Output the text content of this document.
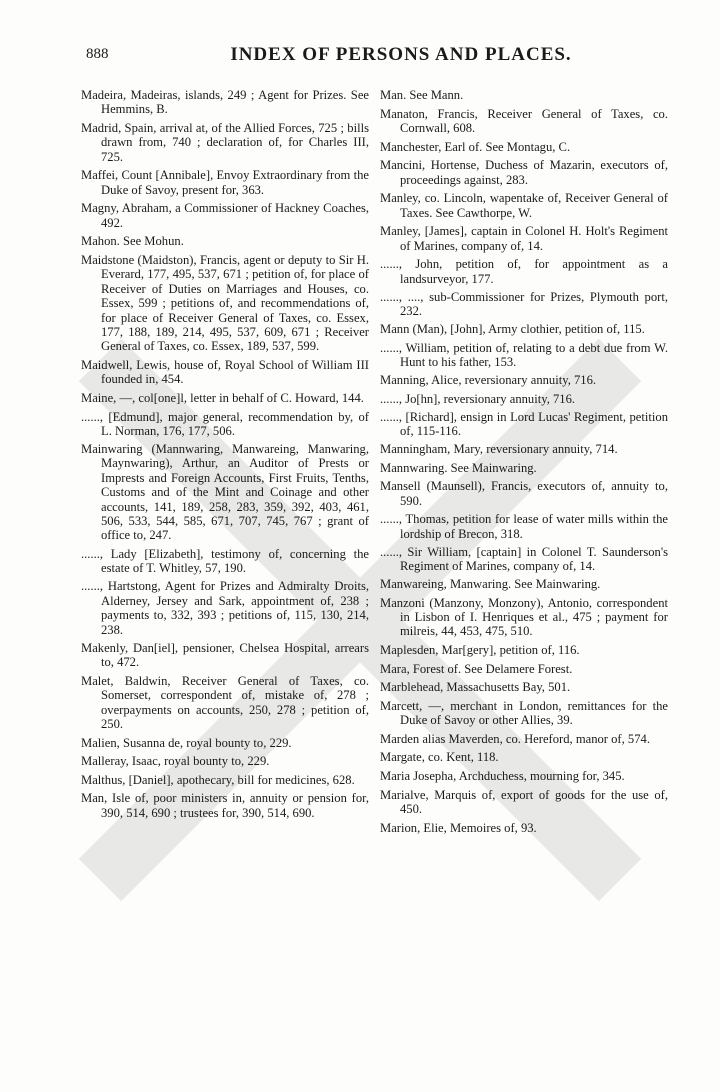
888	INDEX OF PERSONS AND PLACES.

Madeira, Madeiras, islands, 249 ; Agent for Prizes. See Hemmins, B.

Madrid, Spain, arrival at, of the Allied Forces, 725 ; bills drawn from, 740 ; declaration of, for Charles III, 725.

Maffei, Count [Annibale], Envoy Extraordinary from the Duke of Savoy, present for, 363.

Magny, Abraham, a Commissioner of Hackney Coaches, 492.

Mahon. See Mohun.

Maidstone (Maidston), Francis, agent or deputy to Sir H. Everard, 177, 495, 537, 671 ; petition of, for place of Receiver of Duties on Marriages and Houses, co. Essex, 599 ; petitions of, and recommendations of, for place of Receiver General of Taxes, co. Essex, 177, 188, 189, 214, 495, 537, 609, 671 ; Receiver General of Taxes, co. Essex, 189, 537, 599.

Maidwell, Lewis, house of, Royal School of William III founded in, 454.

Maine, —, col[one]l, letter in behalf of C. Howard, 144.

......, [Edmund], major general, recommendation by, of L. Norman, 176, 177, 506.

Mainwaring (Mannwaring, Manwareing, Manwaring, Maynwaring), Arthur, an Auditor of Prests or Imprests and Foreign Accounts, First Fruits, Tenths, Customs and of the Mint and Coinage and other accounts, 141, 189, 258, 283, 359, 392, 403, 461, 506, 533, 544, 585, 671, 707, 745, 767 ; grant of office to, 247.

......, Lady [Elizabeth], testimony of, concerning the estate of T. Whitley, 57, 190.

......, Hartstong, Agent for Prizes and Admiralty Droits, Alderney, Jersey and Sark, appointment of, 238 ; payments to, 332, 393 ; petitions of, 115, 130, 214, 238.

Makenly, Dan[iel], pensioner, Chelsea Hospital, arrears to, 472.

Malet, Baldwin, Receiver General of Taxes, co. Somerset, correspondent of, mistake of, 278 ; overpayments on accounts, 250, 278 ; petition of, 250.

Malien, Susanna de, royal bounty to, 229.

Malleray, Isaac, royal bounty to, 229.

Malthus, [Daniel], apothecary, bill for medicines, 628.

Man, Isle of, poor ministers in, annuity or pension for, 390, 514, 690 ; trustees for, 390, 514, 690.

Man. See Mann.

Manaton, Francis, Receiver General of Taxes, co. Cornwall, 608.

Manchester, Earl of. See Montagu, C.

Mancini, Hortense, Duchess of Mazarin, executors of, proceedings against, 283.

Manley, co. Lincoln, wapentake of, Receiver General of Taxes. See Cawthorpe, W.

Manley, [James], captain in Colonel H. Holt's Regiment of Marines, company of, 14.

......, John, petition of, for appointment as a landsurveyor, 177.

......, ...., sub-Commissioner for Prizes, Plymouth port, 232.

Mann (Man), [John], Army clothier, petition of, 115.

......, William, petition of, relating to a debt due from W. Hunt to his father, 153.

Manning, Alice, reversionary annuity, 716.

......, Jo[hn], reversionary annuity, 716.

......, [Richard], ensign in Lord Lucas' Regiment, petition of, 115-116.

Manningham, Mary, reversionary annuity, 714.

Mannwaring. See Mainwaring.

Mansell (Maunsell), Francis, executors of, annuity to, 590.

......, Thomas, petition for lease of water mills within the lordship of Brecon, 318.

......, Sir William, [captain] in Colonel T. Saunderson's Regiment of Marines, company of, 14.

Manwareing, Manwaring. See Mainwaring.

Manzoni (Manzony, Monzony), Antonio, correspondent in Lisbon of I. Henriques et al., 475 ; payment for milreis, 44, 453, 475, 510.

Maplesden, Mar[gery], petition of, 116.

Mara, Forest of. See Delamere Forest.

Marblehead, Massachusetts Bay, 501.

Marcett, —, merchant in London, remittances for the Duke of Savoy or other Allies, 39.

Marden alias Maverden, co. Hereford, manor of, 574.

Margate, co. Kent, 118.

Maria Josepha, Archduchess, mourning for, 345.

Marialve, Marquis of, export of goods for the use of, 450.

Marion, Elie, Memoires of, 93.
